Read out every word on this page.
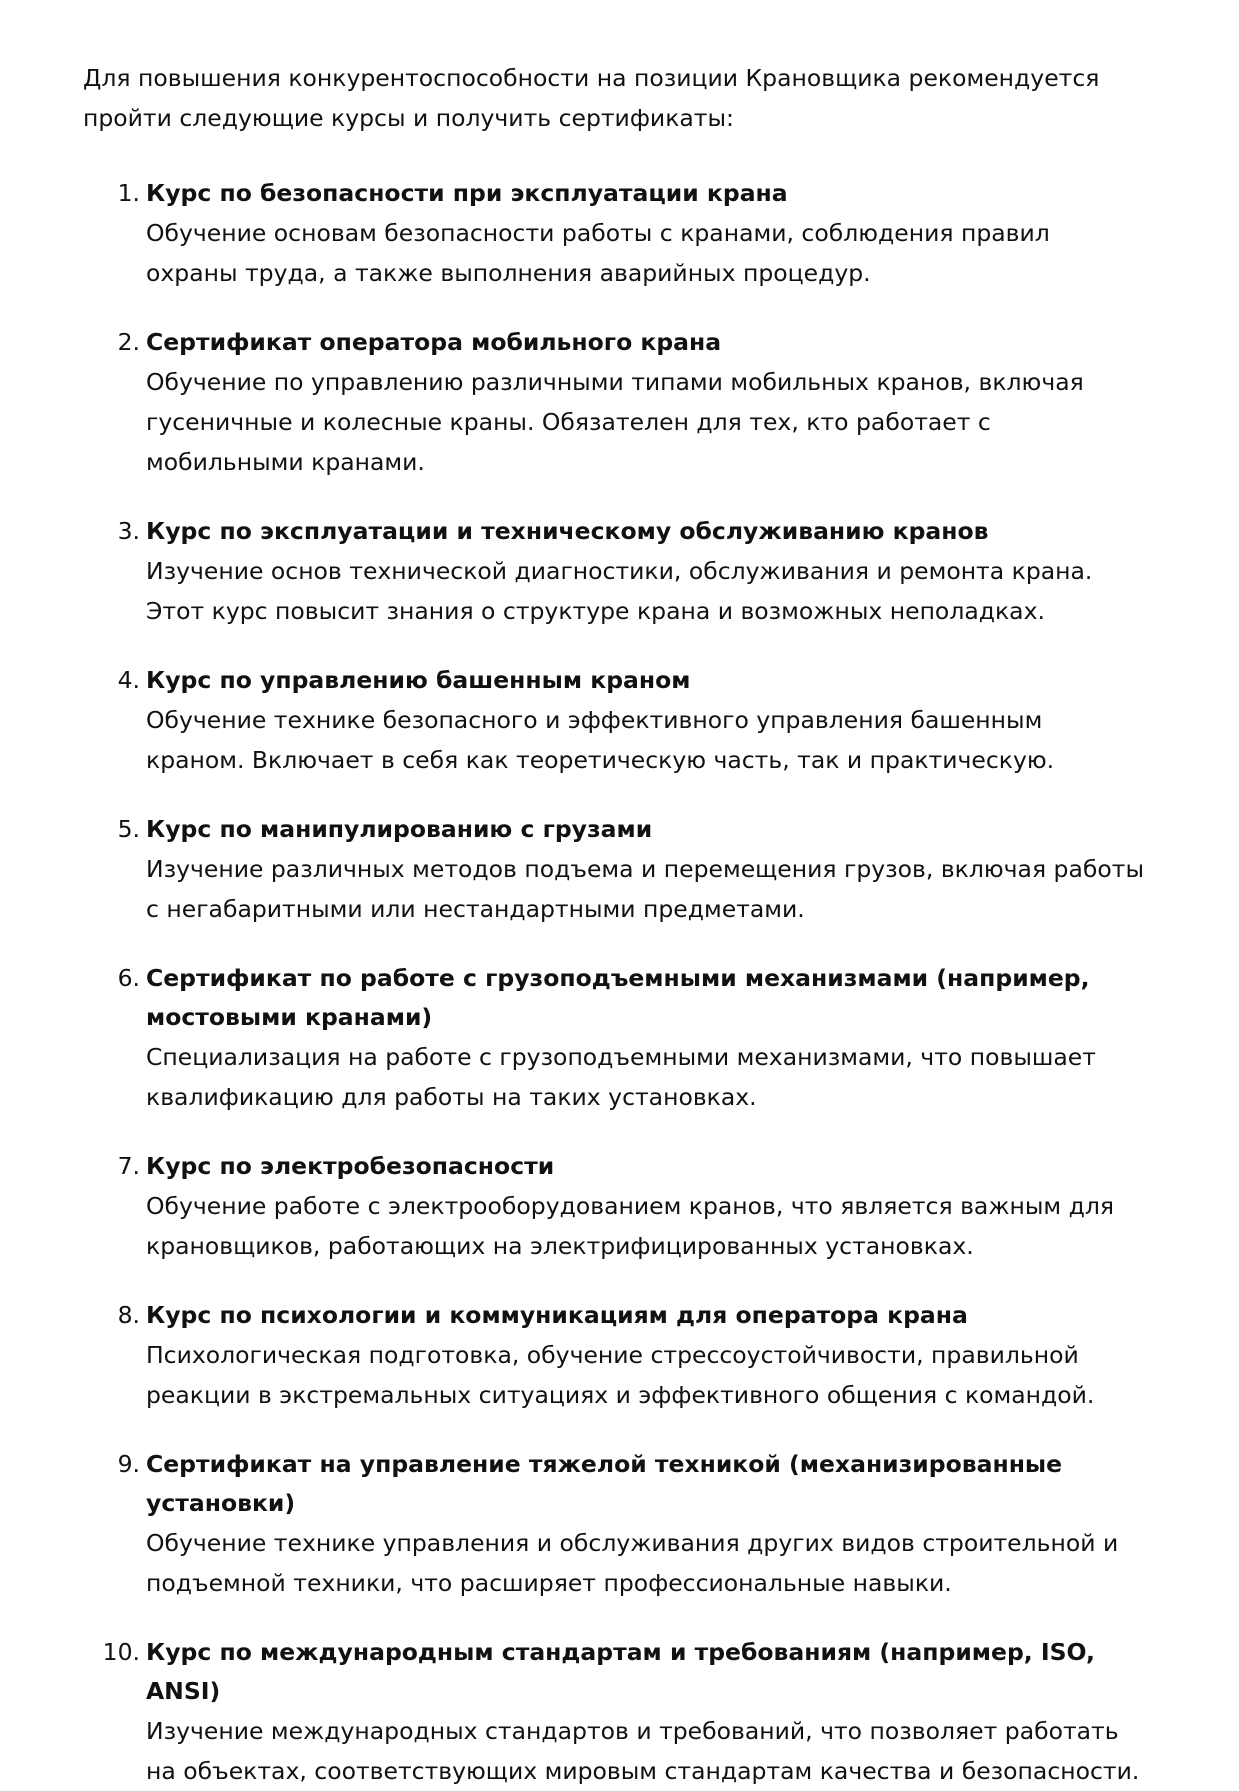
Для повышения конкурентоспособности на позиции Крановщика рекомендуется пройти следующие курсы и получить сертификаты:

1. Курс по безопасности при эксплуатации крана
Обучение основам безопасности работы с кранами, соблюдения правил охраны труда, а также выполнения аварийных процедур.
2. Сертификат оператора мобильного крана
Обучение по управлению различными типами мобильных кранов, включая гусеничные и колесные краны. Обязателен для тех, кто работает с мобильными кранами.
3. Курс по эксплуатации и техническому обслуживанию кранов
Изучение основ технической диагностики, обслуживания и ремонта крана. Этот курс повысит знания о структуре крана и возможных неполадках.
4. Курс по управлению башенным краном
Обучение технике безопасного и эффективного управления башенным краном. Включает в себя как теоретическую часть, так и практическую.
5. Курс по манипулированию с грузами
Изучение различных методов подъема и перемещения грузов, включая работы с негабаритными или нестандартными предметами.
6. Сертификат по работе с грузоподъемными механизмами (например, мостовыми кранами)
Специализация на работе с грузоподъемными механизмами, что повышает квалификацию для работы на таких установках.
7. Курс по электробезопасности
Обучение работе с электрооборудованием кранов, что является важным для крановщиков, работающих на электрифицированных установках.
8. Курс по психологии и коммуникациям для оператора крана
Психологическая подготовка, обучение стрессоустойчивости, правильной реакции в экстремальных ситуациях и эффективного общения с командой.
9. Сертификат на управление тяжелой техникой (механизированные установки)
Обучение технике управления и обслуживания других видов строительной и подъемной техники, что расширяет профессиональные навыки.
10. Курс по международным стандартам и требованиям (например, ISO, ANSI)
Изучение международных стандартов и требований, что позволяет работать на объектах, соответствующих мировым стандартам качества и безопасности.
